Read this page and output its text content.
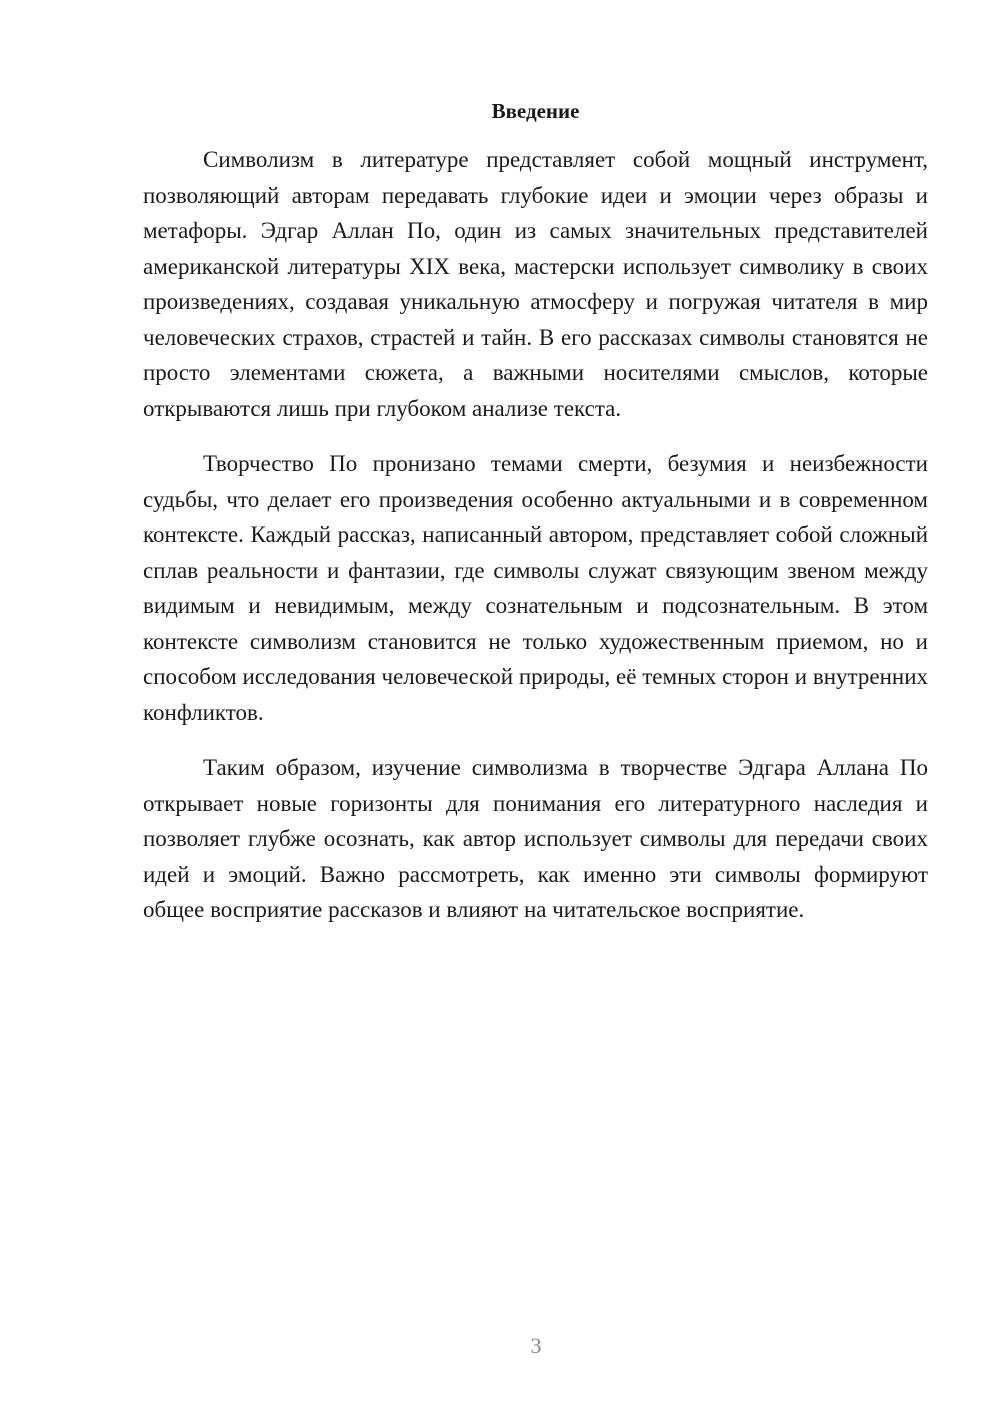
Введение

Символизм в литературе представляет собой мощный инструмент, позволяющий авторам передавать глубокие идеи и эмоции через образы и метафоры. Эдгар Аллан По, один из самых значительных представителей американской литературы XIX века, мастерски использует символику в своих произведениях, создавая уникальную атмосферу и погружая читателя в мир человеческих страхов, страстей и тайн. В его рассказах символы становятся не просто элементами сюжета, а важными носителями смыслов, которые открываются лишь при глубоком анализе текста.

Творчество По пронизано темами смерти, безумия и неизбежности судьбы, что делает его произведения особенно актуальными и в современном контексте. Каждый рассказ, написанный автором, представляет собой сложный сплав реальности и фантазии, где символы служат связующим звеном между видимым и невидимым, между сознательным и подсознательным. В этом контексте символизм становится не только художественным приемом, но и способом исследования человеческой природы, её темных сторон и внутренних конфликтов.

Таким образом, изучение символизма в творчестве Эдгара Аллана По открывает новые горизонты для понимания его литературного наследия и позволяет глубже осознать, как автор использует символы для передачи своих идей и эмоций. Важно рассмотреть, как именно эти символы формируют общее восприятие рассказов и влияют на читательское восприятие.

3
